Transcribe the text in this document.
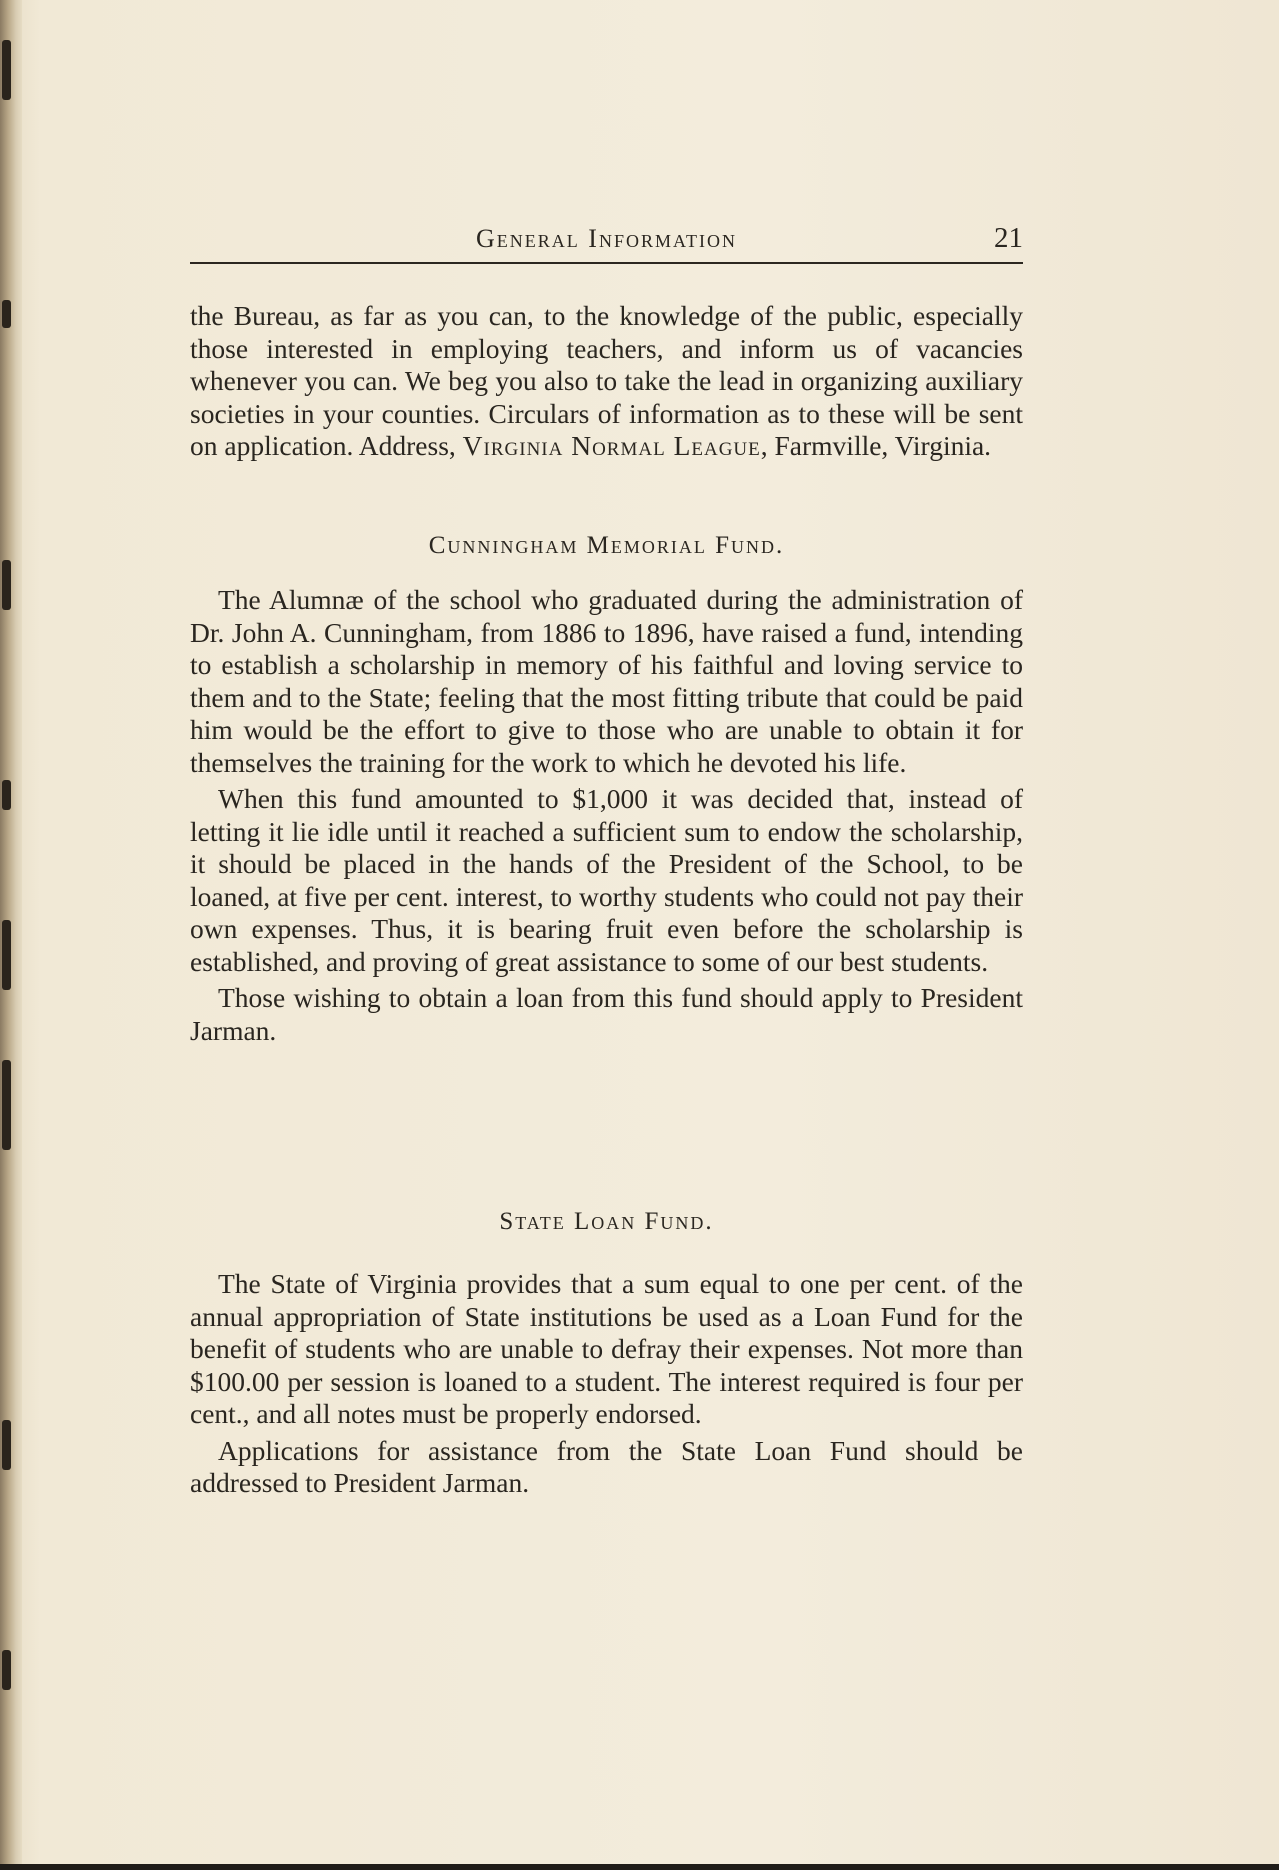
General Information	21

the Bureau, as far as you can, to the knowledge of the public, especially those interested in employing teachers, and inform us of vacancies whenever you can. We beg you also to take the lead in organizing auxiliary societies in your counties. Circulars of information as to these will be sent on application. Address, Virginia Normal League, Farmville, Virginia.

Cunningham Memorial Fund.

The Alumnæ of the school who graduated during the administration of Dr. John A. Cunningham, from 1886 to 1896, have raised a fund, intending to establish a scholarship in memory of his faithful and loving service to them and to the State; feeling that the most fitting tribute that could be paid him would be the effort to give to those who are unable to obtain it for themselves the training for the work to which he devoted his life.

When this fund amounted to $1,000 it was decided that, instead of letting it lie idle until it reached a sufficient sum to endow the scholarship, it should be placed in the hands of the President of the School, to be loaned, at five per cent. interest, to worthy students who could not pay their own expenses. Thus, it is bearing fruit even before the scholarship is established, and proving of great assistance to some of our best students.

Those wishing to obtain a loan from this fund should apply to President Jarman.

State Loan Fund.

The State of Virginia provides that a sum equal to one per cent. of the annual appropriation of State institutions be used as a Loan Fund for the benefit of students who are unable to defray their expenses. Not more than $100.00 per session is loaned to a student. The interest required is four per cent., and all notes must be properly endorsed.

Applications for assistance from the State Loan Fund should be addressed to President Jarman.
